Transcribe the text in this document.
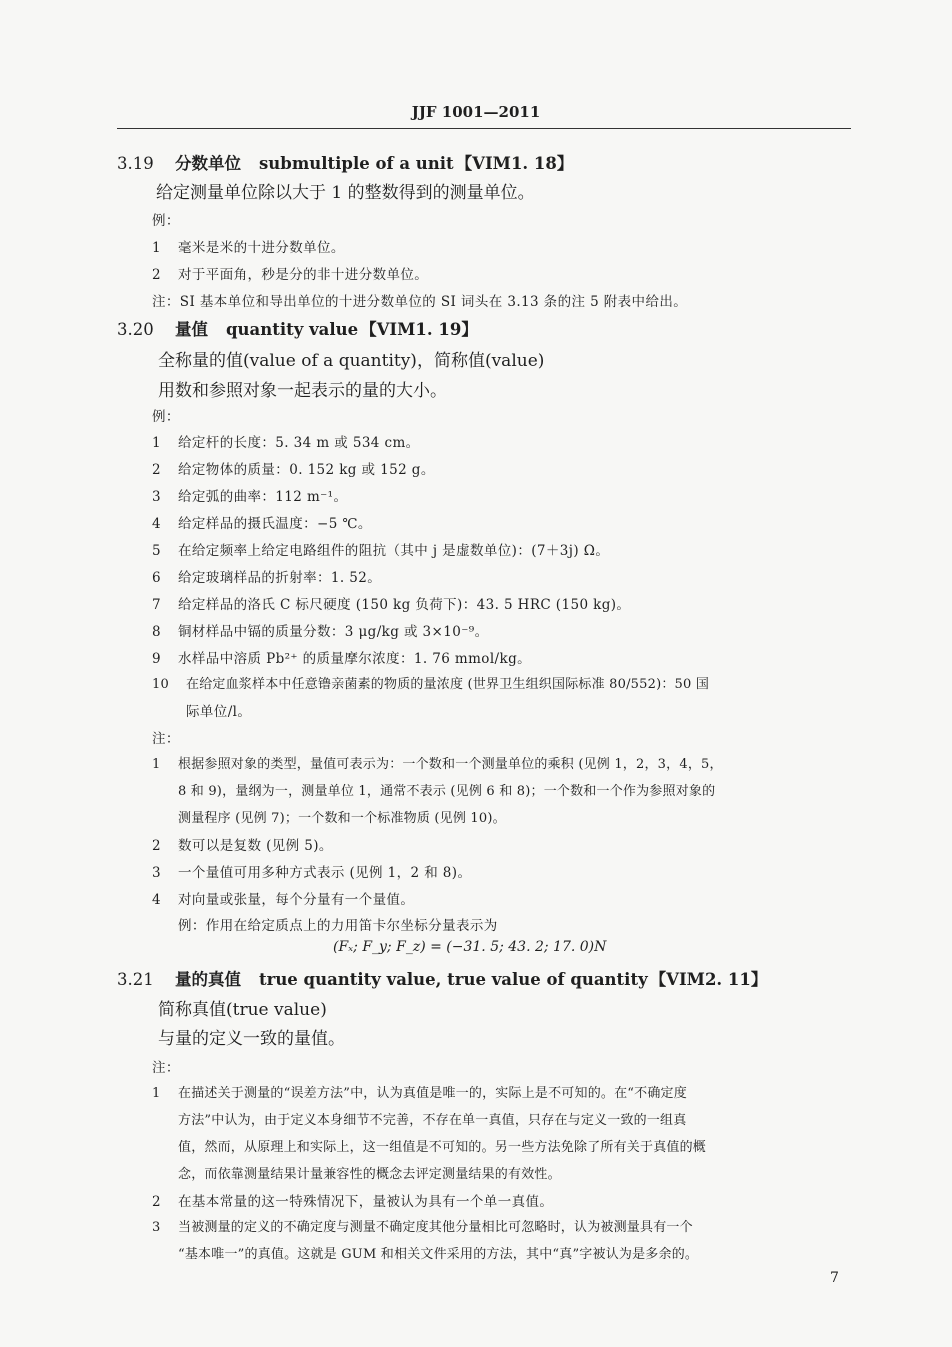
JJF 1001—2011
3.19 分数单位 submultiple of a unit 【VIM1. 18】
给定测量单位除以大于 1 的整数得到的测量单位。
例：
1 毫米是米的十进分数单位。
2 对于平面角，秒是分的非十进分数单位。
注：SI 基本单位和导出单位的十进分数单位的 SI 词头在 3.13 条的注 5 附表中给出。
3.20 量值 quantity value 【VIM1. 19】
全称量的值(value of a quantity)，简称值(value)
用数和参照对象一起表示的量的大小。
例：
1 给定杆的长度：5. 34 m 或 534 cm。
2 给定物体的质量：0. 152 kg 或 152 g。
3 给定弧的曲率：112 m⁻¹。
4 给定样品的摄氏温度：−5 ℃。
5 在给定频率上给定电路组件的阻抗（其中 j 是虚数单位)：(7＋3j) Ω。
6 给定玻璃样品的折射率：1. 52。
7 给定样品的洛氏 C 标尺硬度 (150 kg 负荷下)：43. 5 HRC (150 kg)。
8 铜材样品中镉的质量分数：3 μg/kg 或 3×10⁻⁹。
9 水样品中溶质 Pb²⁺ 的质量摩尔浓度：1. 76 mmol/kg。
10 在给定血浆样本中任意镥亲菌素的物质的量浓度 (世界卫生组织国际标准 80/552)：50 国
际单位/l。
注：
1 根据参照对象的类型，量值可表示为：一个数和一个测量单位的乘积 (见例 1，2，3，4，5，
8 和 9)，量纲为一，测量单位 1，通常不表示 (见例 6 和 8)；一个数和一个作为参照对象的
测量程序 (见例 7)；一个数和一个标准物质 (见例 10)。
2 数可以是复数 (见例 5)。
3 一个量值可用多种方式表示 (见例 1，2 和 8)。
4 对向量或张量，每个分量有一个量值。
例：作用在给定质点上的力用笛卡尔坐标分量表示为
(Fₓ; F_y; F_z) = (−31. 5; 43. 2; 17. 0)N
3.21 量的真值 true quantity value, true value of quantity 【VIM2. 11】
简称真值(true value)
与量的定义一致的量值。
注：
1 在描述关于测量的“误差方法”中，认为真值是唯一的，实际上是不可知的。在“不确定度
方法”中认为，由于定义本身细节不完善，不存在单一真值，只存在与定义一致的一组真
值，然而，从原理上和实际上，这一组值是不可知的。另一些方法免除了所有关于真值的概
念，而依靠测量结果计量兼容性的概念去评定测量结果的有效性。
2 在基本常量的这一特殊情况下，量被认为具有一个单一真值。
3 当被测量的定义的不确定度与测量不确定度其他分量相比可忽略时，认为被测量具有一个
“基本唯一”的真值。这就是 GUM 和相关文件采用的方法，其中“真”字被认为是多余的。
7
